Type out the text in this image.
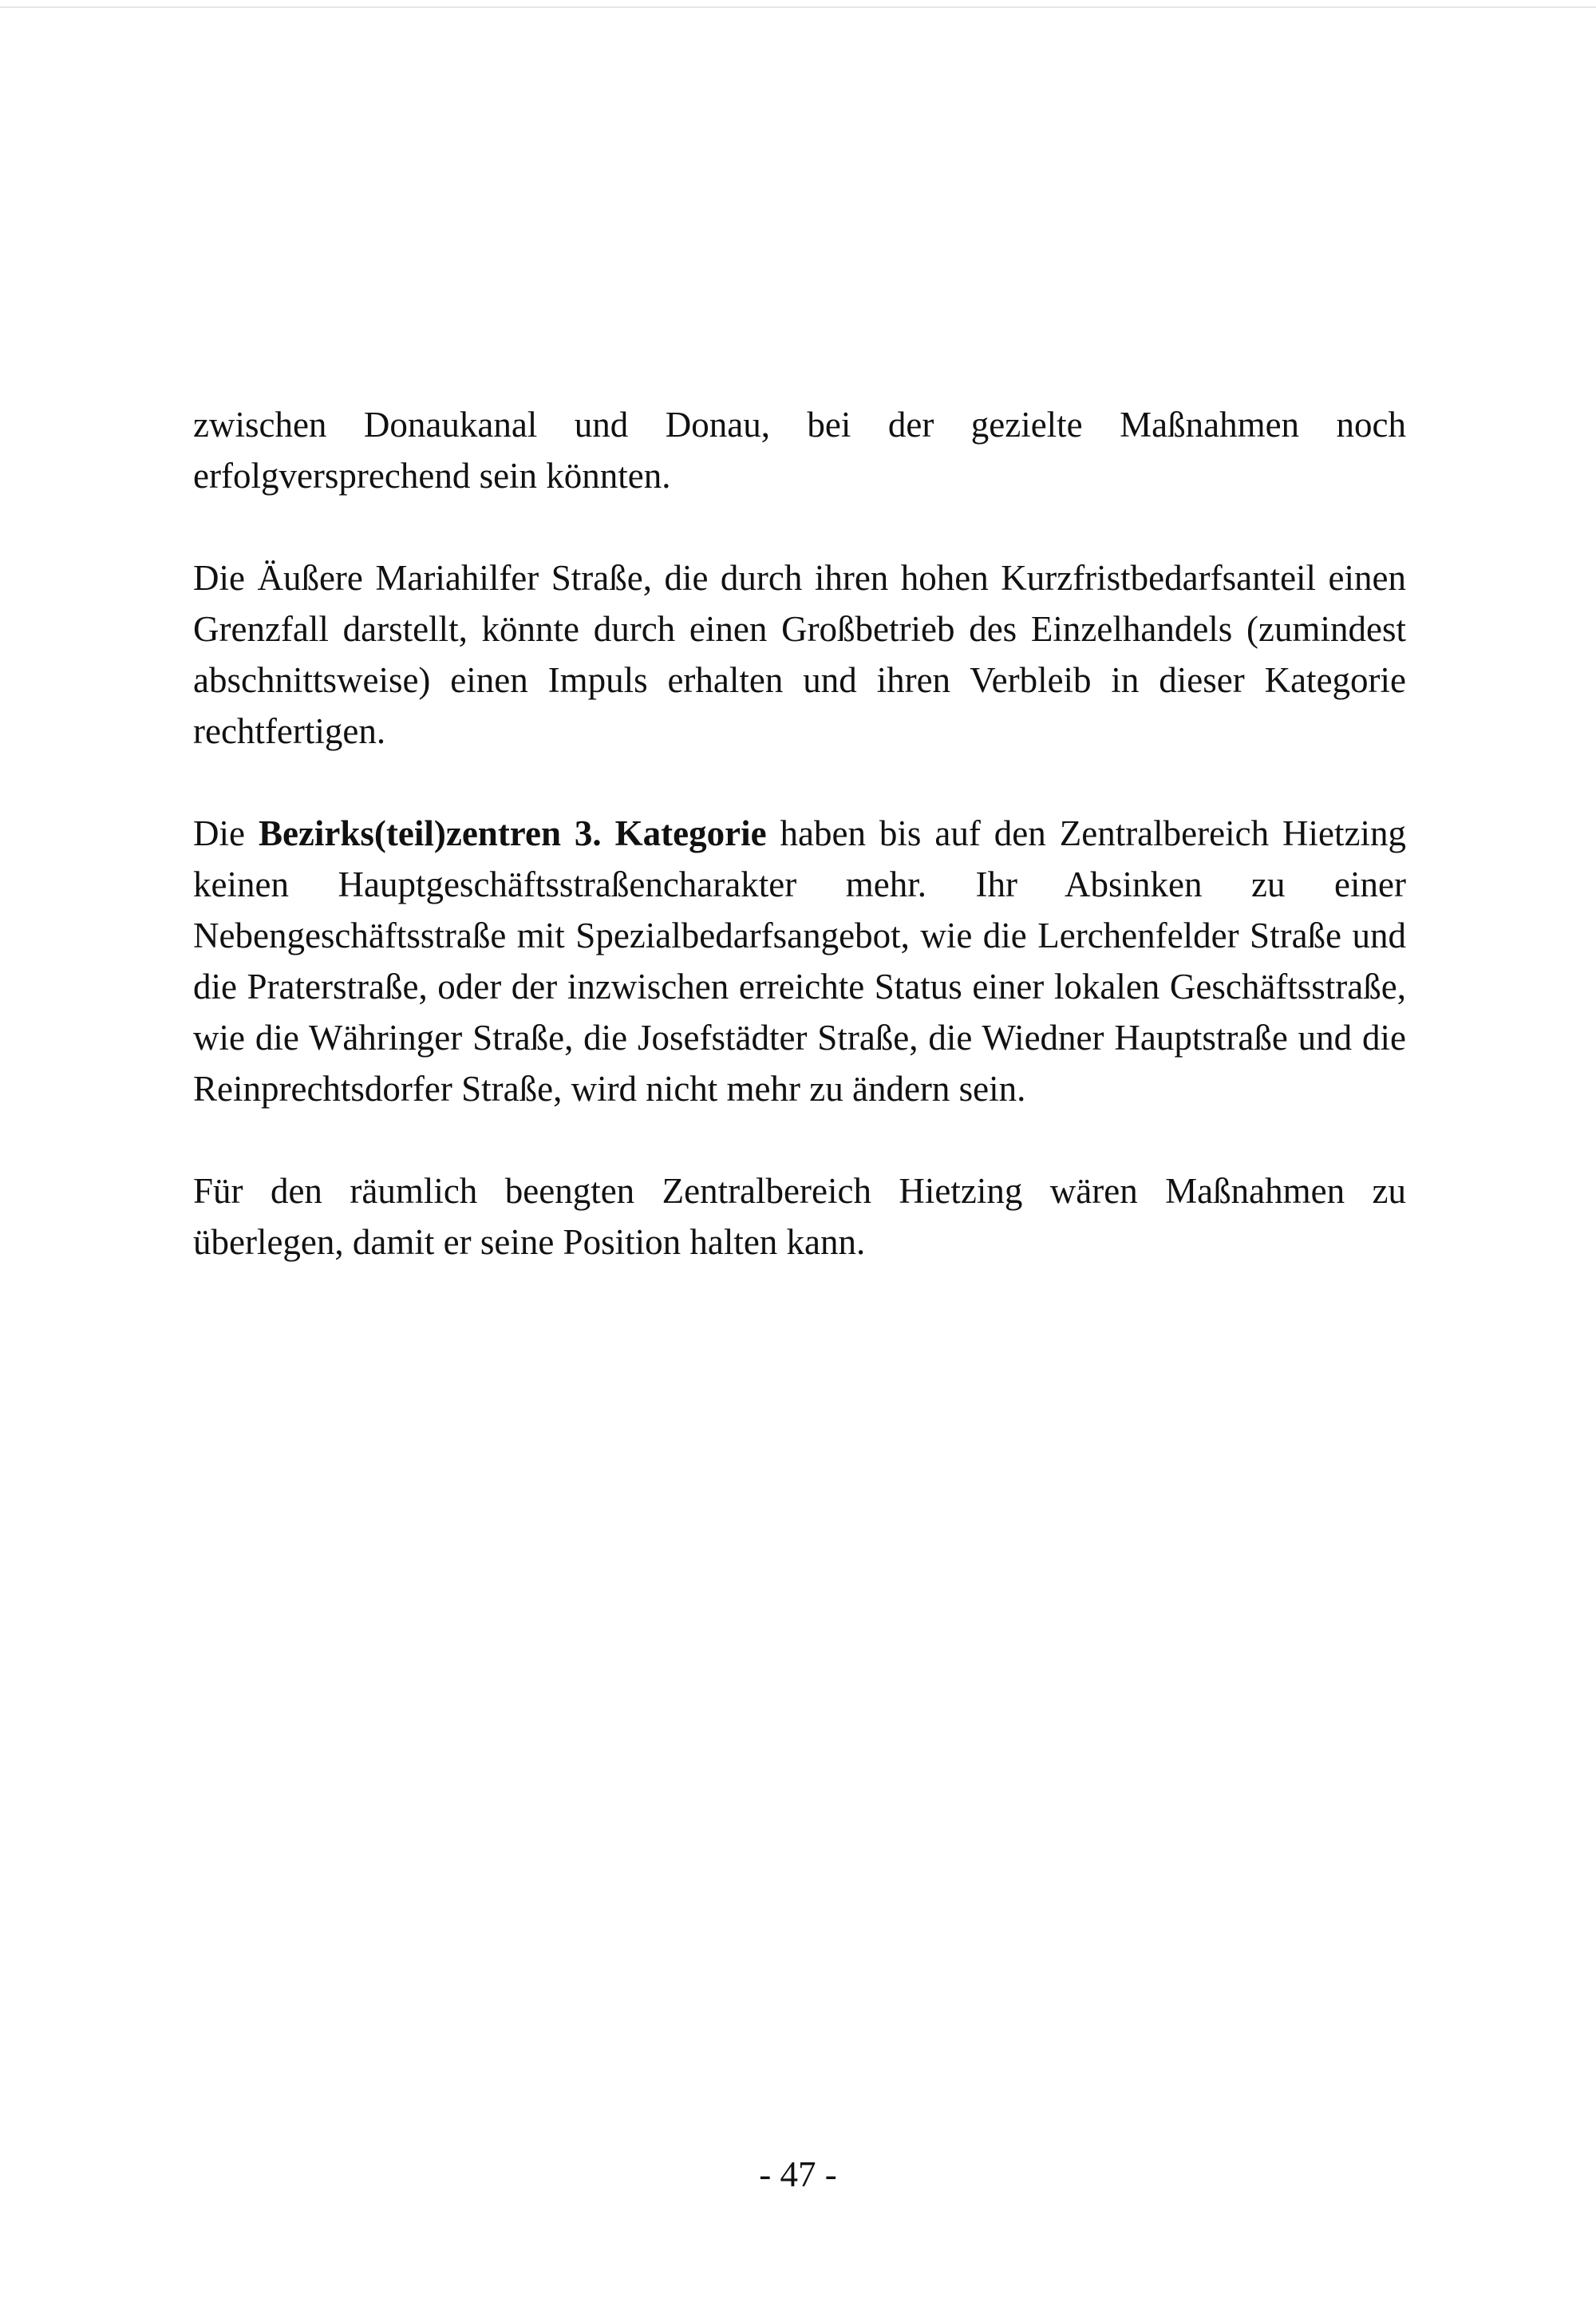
zwischen Donaukanal und Donau, bei der gezielte Maßnahmen noch erfolgversprechend sein könnten.

Die Äußere Mariahilfer Straße, die durch ihren hohen Kurzfristbedarfsanteil einen Grenzfall darstellt, könnte durch einen Großbetrieb des Einzelhandels (zumindest abschnittsweise) einen Impuls erhalten und ihren Verbleib in dieser Kategorie rechtfertigen.

Die Bezirks(teil)zentren 3. Kategorie haben bis auf den Zentralbereich Hietzing keinen Hauptgeschäftsstraßencharakter mehr. Ihr Absinken zu einer Nebengeschäftsstraße mit Spezialbedarfsangebot, wie die Lerchenfelder Straße und die Praterstraße, oder der inzwischen erreichte Status einer lokalen Geschäftsstraße, wie die Währinger Straße, die Josefstädter Straße, die Wiedner Hauptstraße und die Reinprechtsdorfer Straße, wird nicht mehr zu ändern sein.

Für den räumlich beengten Zentralbereich Hietzing wären Maßnahmen zu überlegen, damit er seine Position halten kann.

- 47 -
